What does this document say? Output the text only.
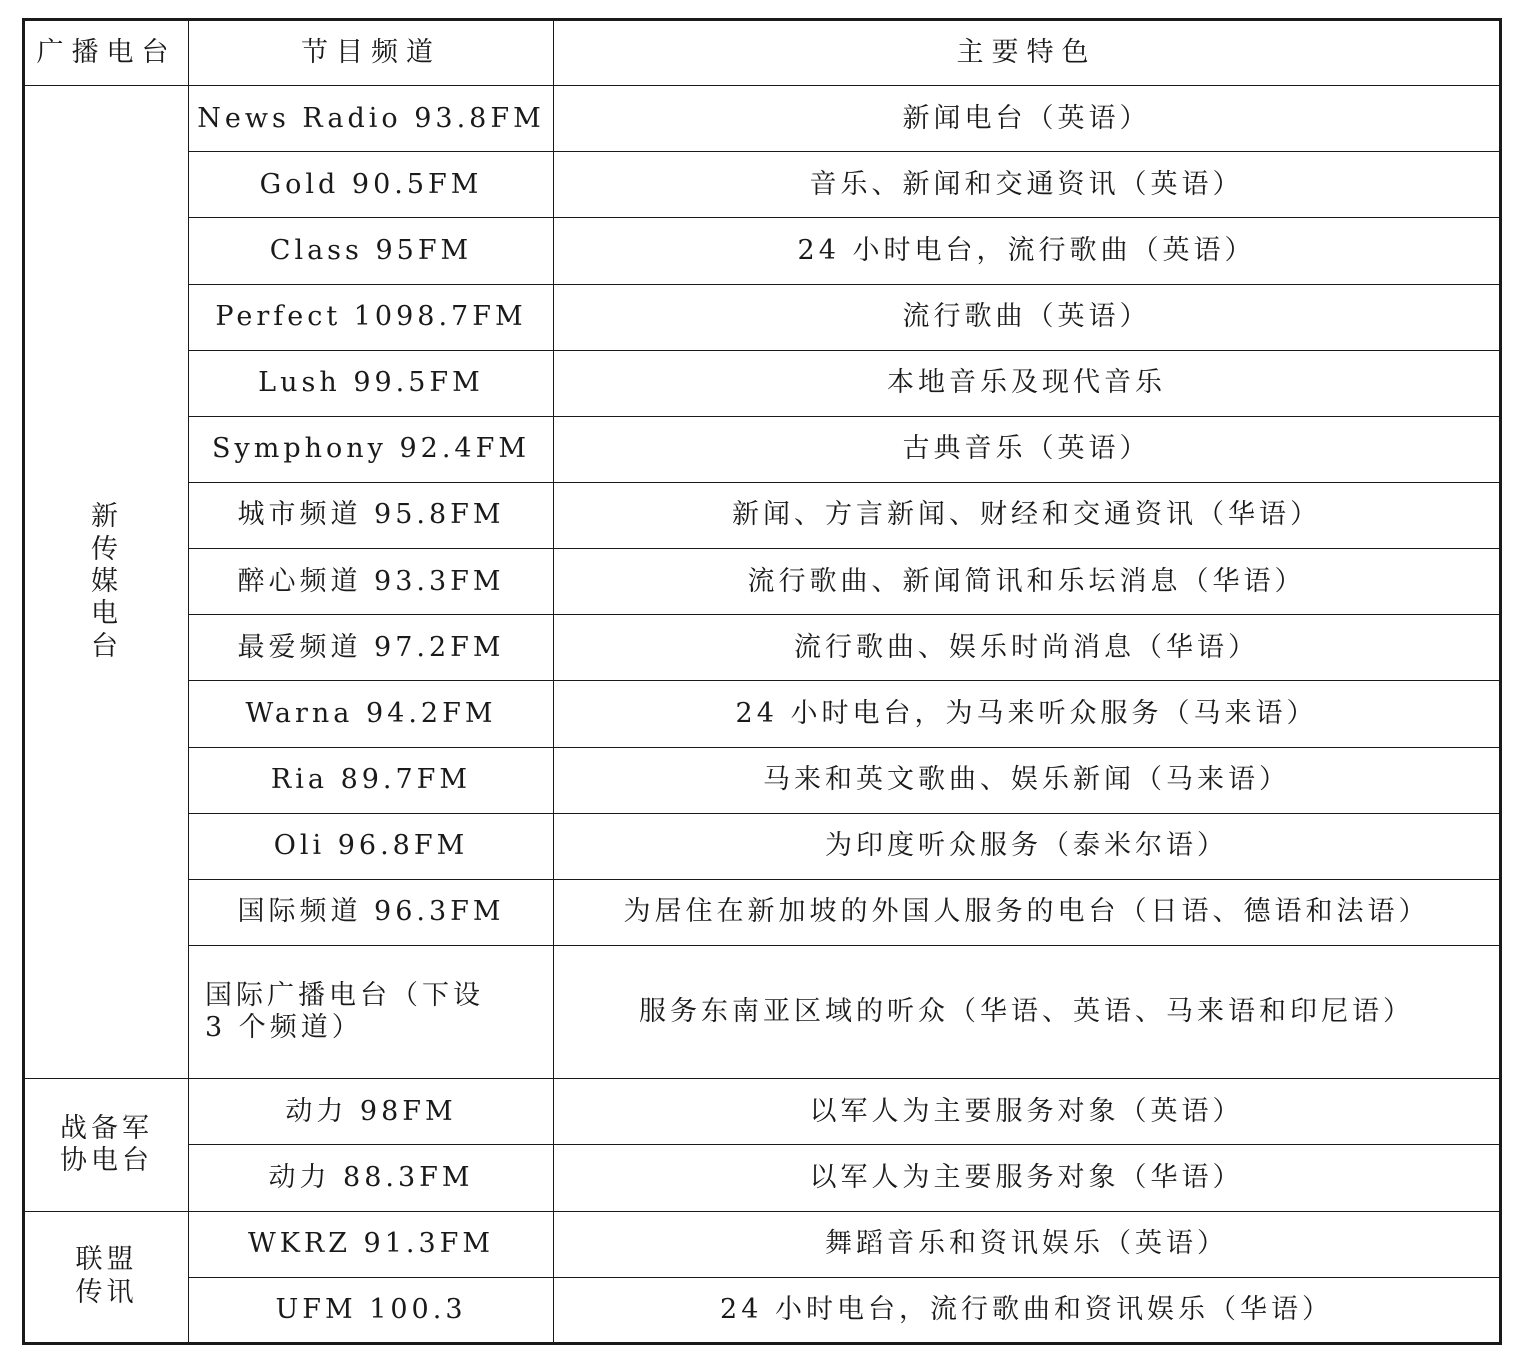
广播电台	节目频道	主要特色

新
传
媒
电
台	News Radio 93.8FM	新闻电台（英语）
	Gold 90.5FM	音乐、新闻和交通资讯（英语）
	Class 95FM	24 小时电台，流行歌曲（英语）
	Perfect 1098.7FM	流行歌曲（英语）
	Lush 99.5FM	本地音乐及现代音乐
	Symphony 92.4FM	古典音乐（英语）
	城市频道 95.8FM	新闻、方言新闻、财经和交通资讯（华语）
	醉心频道 93.3FM	流行歌曲、新闻简讯和乐坛消息（华语）
	最爱频道 97.2FM	流行歌曲、娱乐时尚消息（华语）
	Warna 94.2FM	24 小时电台，为马来听众服务（马来语）
	Ria 89.7FM	马来和英文歌曲、娱乐新闻（马来语）
	Oli 96.8FM	为印度听众服务（泰米尔语）
	国际频道 96.3FM	为居住在新加坡的外国人服务的电台（日语、德语和法语）
	国际广播电台（下设
3 个频道）	服务东南亚区域的听众（华语、英语、马来语和印尼语）

战备军
协电台	动力 98FM	以军人为主要服务对象（英语）
	动力 88.3FM	以军人为主要服务对象（华语）

联盟
传讯	WKRZ 91.3FM	舞蹈音乐和资讯娱乐（英语）
	UFM 100.3	24 小时电台，流行歌曲和资讯娱乐（华语）
